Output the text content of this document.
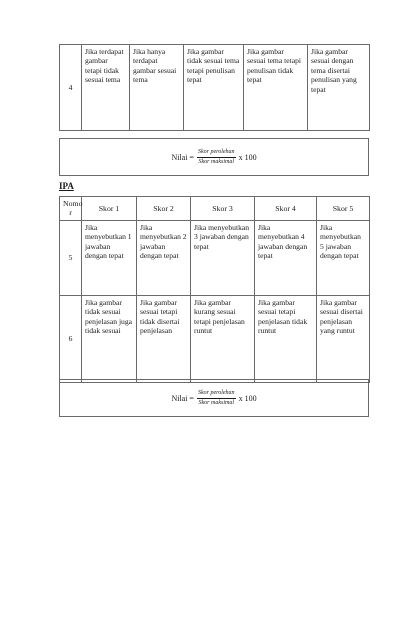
4	Jika terdapat gambar tetapi tidak sesuai tema	Jika hanya terdapat gambar sesuai tema	Jika gambar tidak sesuai tema tetapi penulisan tepat	Jika gambar sesuai tema tetapi penulisan tidak tepat	Jika gambar sesuai dengan tema disertai penulisan yang tepat
Nilai = $\frac{\text{Skor perolehan}}{\text{Skor maksimal}}$ x 100
IPA
Nomo r	Skor 1	Skor 2	Skor 3	Skor 4	Skor 5
5	Jika menyebutkan 1 jawaban dengan tepat	Jika menyebutkan 2 jawaban dengan tepat	Jika menyebutkan 3 jawaban dengan tepat	Jika menyebutkan 4 jawaban dengan tepat	Jika menyebutkan 5 jawaban dengan tepat
6	Jika gambar tidak sesuai penjelasan juga tidak sesuai	Jika gambar sesuai tetapi tidak disertai penjelasan	Jika gambar kurang sesuai tetapi penjelasan runtut	Jika gambar sesuai tetapi penjelasan tidak runtut	Jika gambar sesuai disertai penjelasan yang runtut
Nilai = $\frac{\text{Skor perolehan}}{\text{Skor maksimal}}$ x 100
